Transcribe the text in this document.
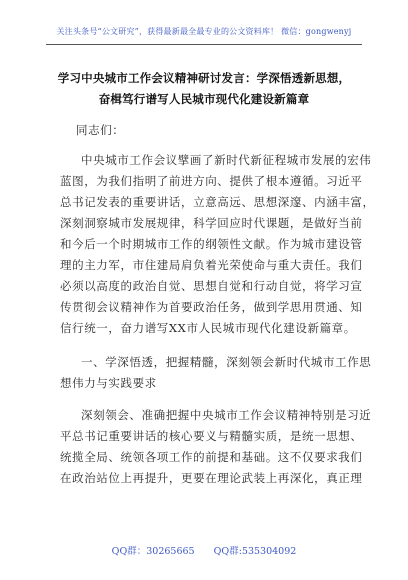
关注头条号“公文研究”，获得最新最全最专业的公文资料库！ 微信：gongwenyj
学习中央城市工作会议精神研讨发言：学深悟透新思想，
奋楫笃行谱写人民城市现代化建设新篇章
同志们：
中央城市工作会议擘画了新时代新征程城市发展的宏伟
蓝图，为我们指明了前进方向、提供了根本遵循。习近平
总书记发表的重要讲话，立意高远、思想深邃、内涵丰富，
深刻洞察城市发展规律，科学回应时代课题，是做好当前
和今后一个时期城市工作的纲领性文献。作为城市建设管
理的主力军，市住建局肩负着光荣使命与重大责任。我们
必须以高度的政治自觉、思想自觉和行动自觉，将学习宣
传贯彻会议精神作为首要政治任务，做到学思用贯通、知
信行统一，奋力谱写XX市人民城市现代化建设新篇章。
一、学深悟透，把握精髓，深刻领会新时代城市工作思
想伟力与实践要求
深刻领会、准确把握中央城市工作会议精神特别是习近
平总书记重要讲话的核心要义与精髓实质，是统一思想、
统揽全局、统领各项工作的前提和基础。这不仅要求我们
在政治站位上再提升，更要在理论武装上再深化，真正理
QQ群：30265665 QQ群:535304092
